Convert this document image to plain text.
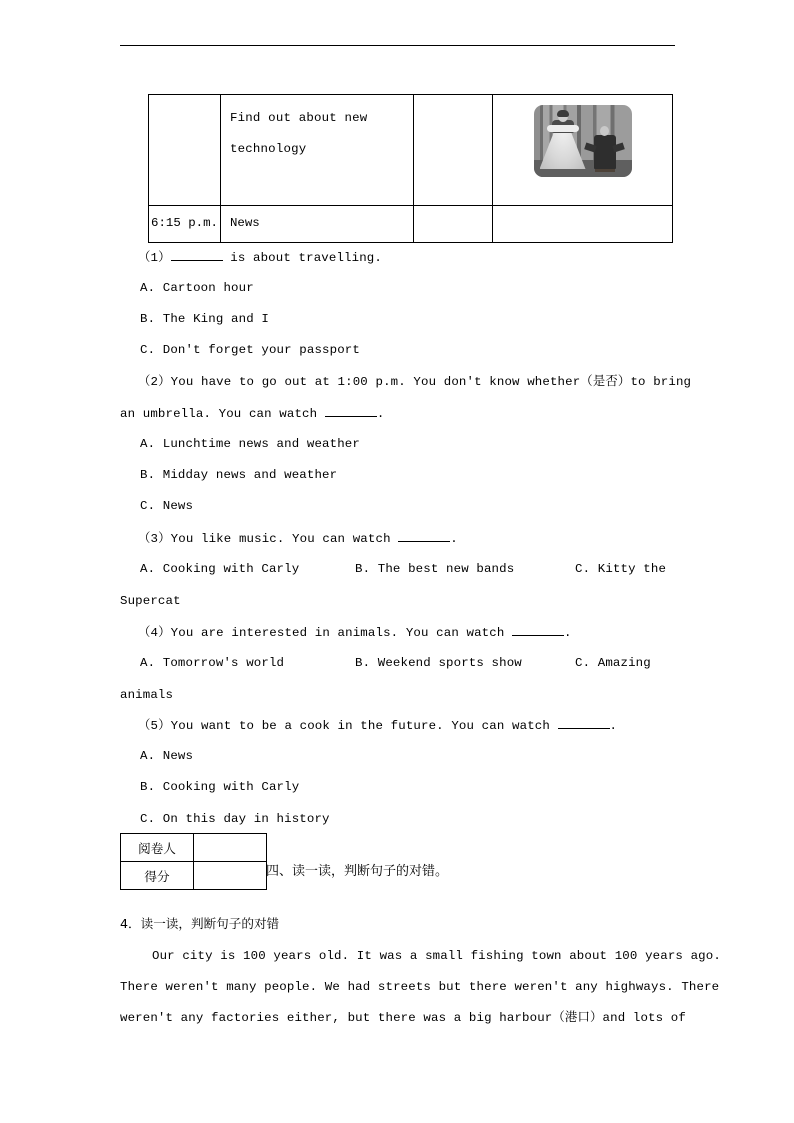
	Find out about new technology		

6:15 p.m.	News		

（1）	is about travelling.
A. Cartoon hour
B. The King and I
C. Don't forget your passport
（2）You have to go out at 1:00 p.m. You don't know whether（是否）to bring
an umbrella. You can watch	.
A. Lunchtime news and weather
B. Midday news and weather
C. News
（3）You like music. You can watch	.
A. Cooking with Carly	B. The best new bands	C. Kitty the
Supercat
（4）You are interested in animals. You can watch	.
A. Tomorrow's world	B. Weekend sports show	C. Amazing
animals
（5）You want to be a cook in the future. You can watch	.
A. News
B. Cooking with Carly
C. On this day in history
阅卷人	
得分		四、读一读，判断句子的对错。
4．读一读，判断句子的对错
Our city is 100 years old. It was a small fishing town about 100 years ago.
There weren't many people. We had streets but there weren't any highways. There
weren't any factories either, but there was a big harbour（港口）and lots of
